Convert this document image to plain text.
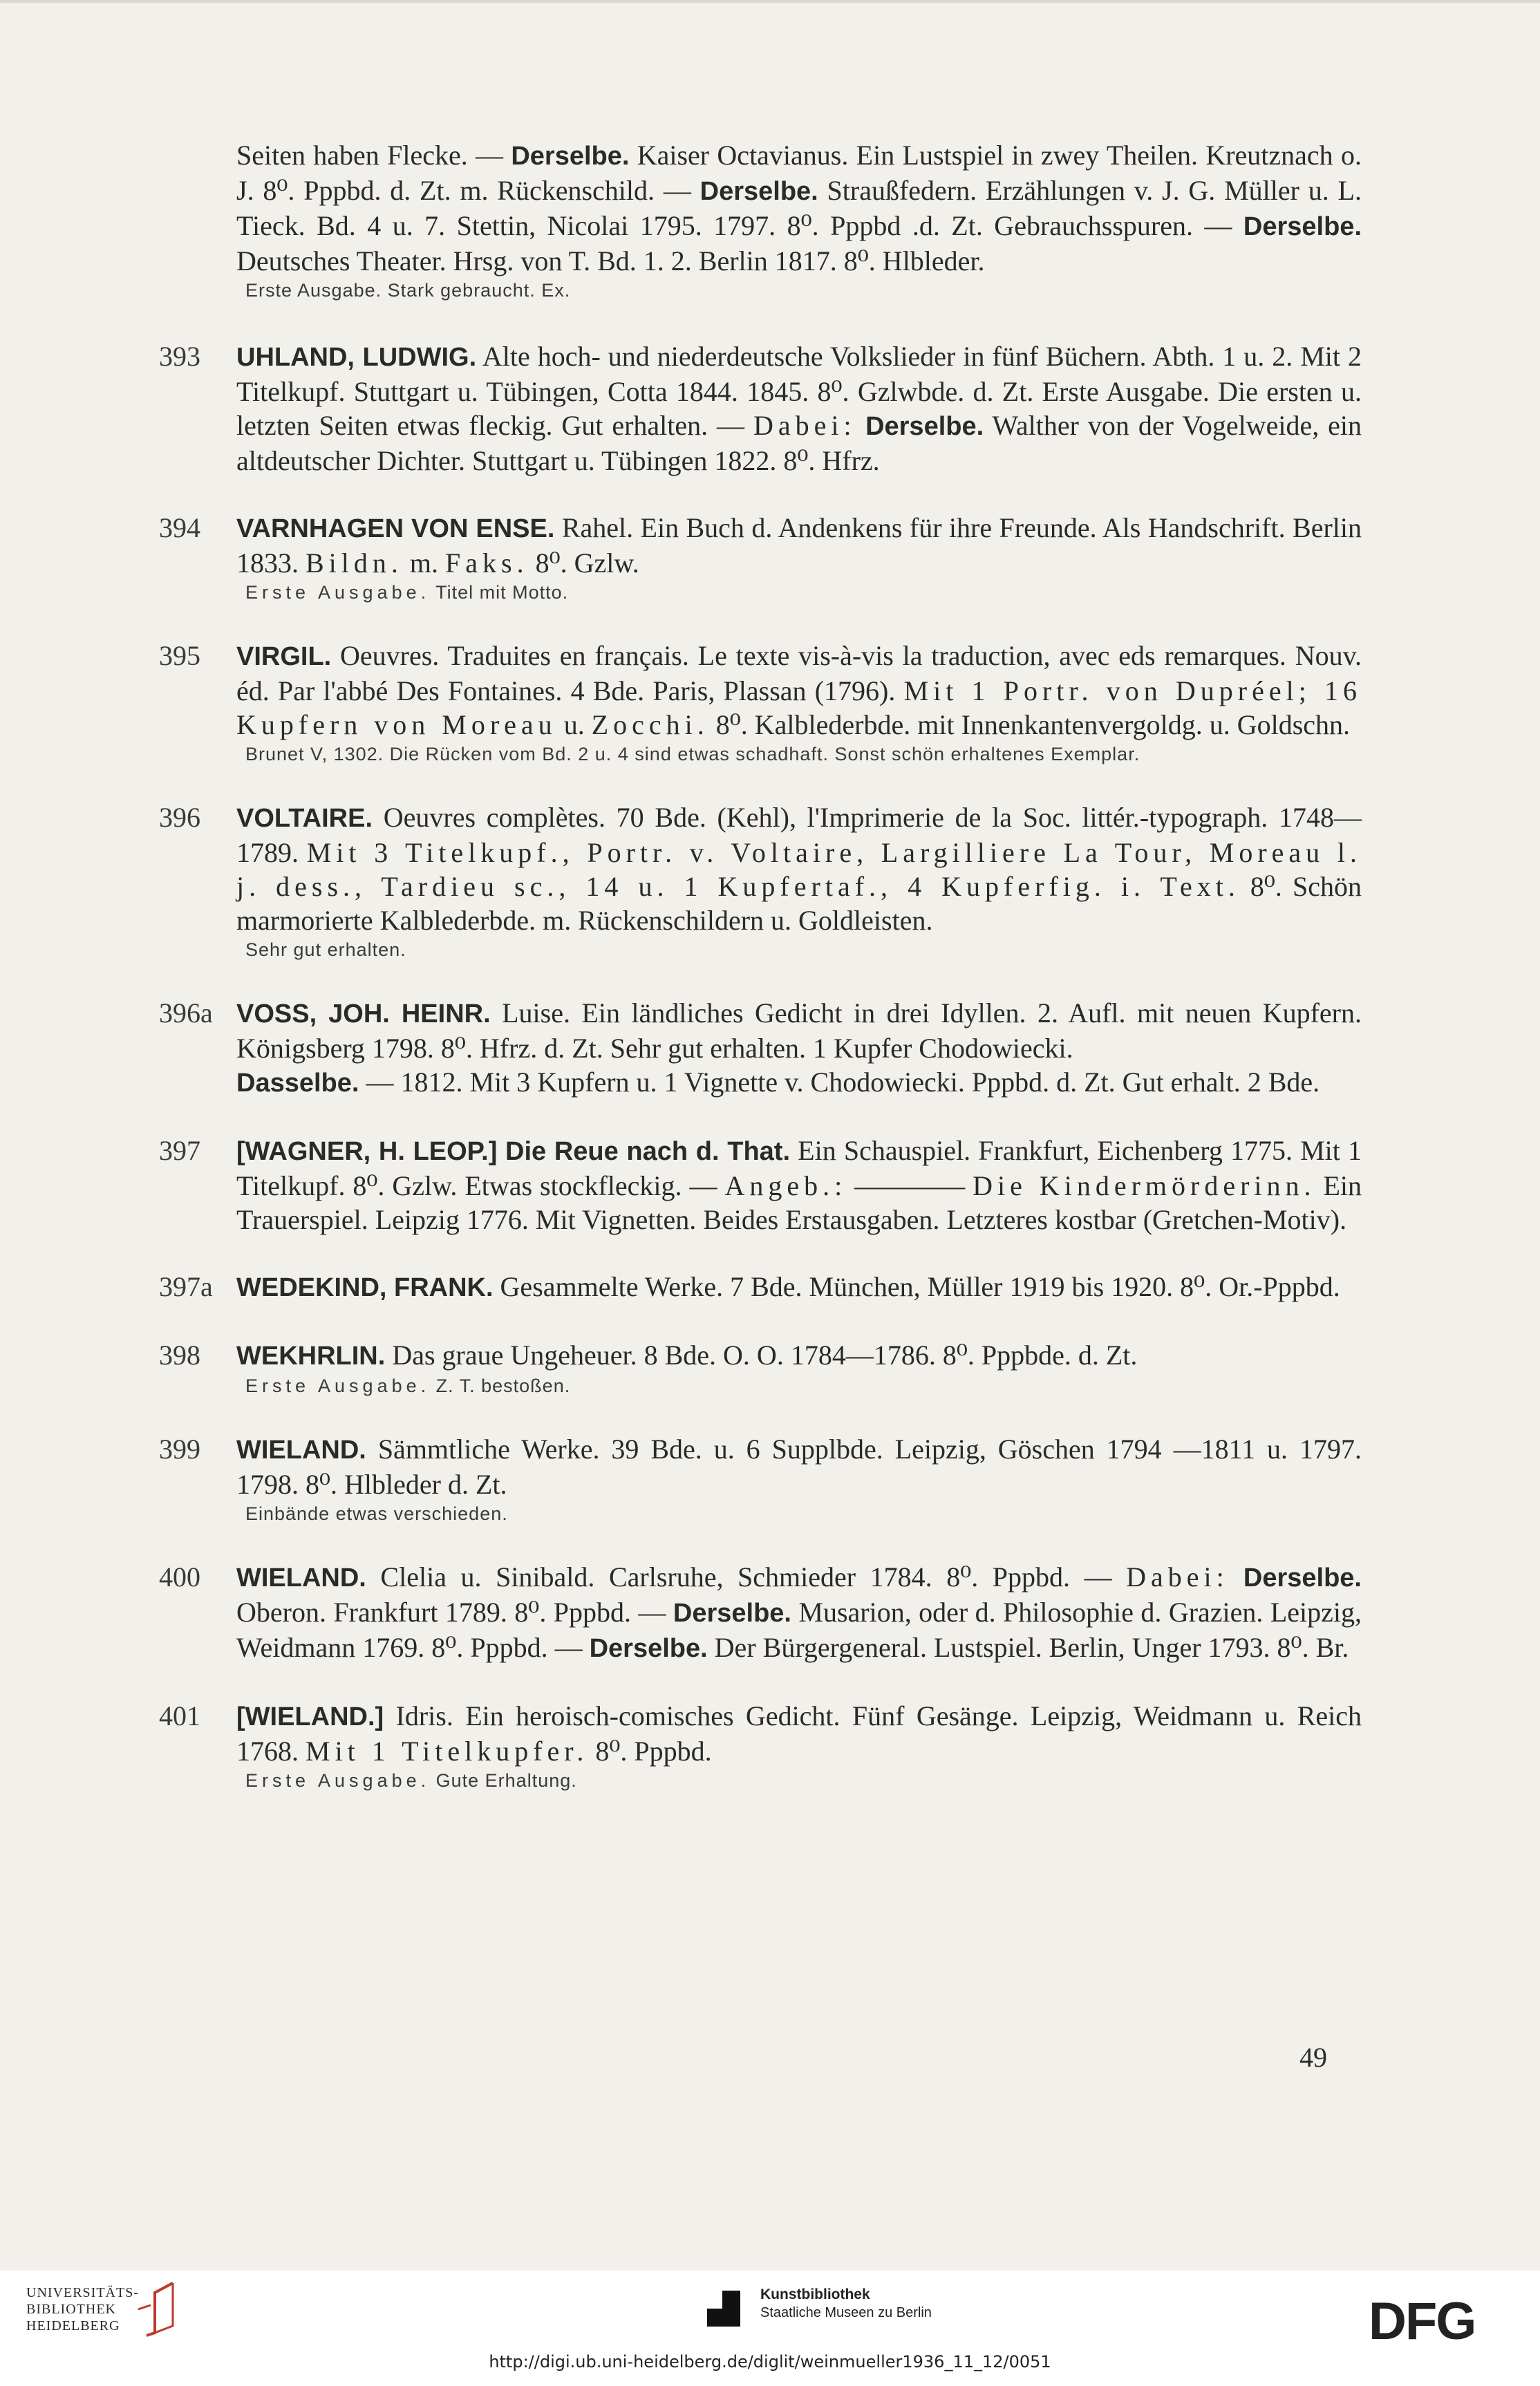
Seiten haben Flecke. — Derselbe. Kaiser Octavianus. Ein Lustspiel in zwey Theilen. Kreutznach o. J. 8⁰. Pppbd. d. Zt. m. Rückenschild. — Derselbe. Straußfedern. Erzählungen v. J. G. Müller u. L. Tieck. Bd. 4 u. 7. Stettin, Nicolai 1795. 1797. 8⁰. Pppbd .d. Zt. Gebrauchsspuren. — Derselbe. Deutsches Theater. Hrsg. von T. Bd. 1. 2. Berlin 1817. 8⁰. Hlbleder.

Erste Ausgabe. Stark gebraucht. Ex.
393	UHLAND, LUDWIG. Alte hoch- und niederdeutsche Volkslieder in fünf Büchern. Abth. 1 u. 2. Mit 2 Titelkupf. Stuttgart u. Tübingen, Cotta 1844. 1845. 8⁰. Gzlwbde. d. Zt. Erste Ausgabe. Die ersten u. letzten Seiten etwas fleckig. Gut erhalten. — Dabei: Derselbe. Walther von der Vogelweide, ein altdeutscher Dichter. Stuttgart u. Tübingen 1822. 8⁰. Hfrz.

394	VARNHAGEN VON ENSE. Rahel. Ein Buch d. Andenkens für ihre Freunde. Als Handschrift. Berlin 1833. Bildn. m. Faks. 8⁰. Gzlw.

Erste Ausgabe. Titel mit Motto.
395	VIRGIL. Oeuvres. Traduites en français. Le texte vis-à-vis la traduction, avec eds remarques. Nouv. éd. Par l'abbé Des Fontaines. 4 Bde. Paris, Plassan (1796). Mit 1 Portr. von Dupréel; 16 Kupfern von Moreau u. Zocchi. 8⁰. Kalblederbde. mit Innenkantenvergoldg. u. Goldschn.

Brunet V, 1302. Die Rücken vom Bd. 2 u. 4 sind etwas schadhaft. Sonst schön erhaltenes Exemplar.
396	VOLTAIRE. Oeuvres complètes. 70 Bde. (Kehl), l'Imprimerie de la Soc. littér.-typograph. 1748—1789. Mit 3 Titelkupf., Portr. v. Voltaire, Largilliere La Tour, Moreau l. j. dess., Tardieu sc., 14 u. 1 Kupfertaf., 4 Kupferfig. i. Text. 8⁰. Schön marmorierte Kalblederbde. m. Rückenschildern u. Goldleisten.

Sehr gut erhalten.
396a VOSS, JOH. HEINR. Luise. Ein ländliches Gedicht in drei Idyllen. 2. Aufl. mit neuen Kupfern. Königsberg 1798. 8⁰. Hfrz. d. Zt. Sehr gut erhalten. 1 Kupfer Chodowiecki.

Dasselbe. — 1812. Mit 3 Kupfern u. 1 Vignette v. Chodowiecki. Pppbd. d. Zt. Gut erhalt. 2 Bde.

397	[WAGNER, H. LEOP.] Die Reue nach d. That. Ein Schauspiel. Frankfurt, Eichenberg 1775. Mit 1 Titelkupf. 8⁰. Gzlw. Etwas stockfleckig. — Angeb.: ———— Die Kindermörderinn. Ein Trauerspiel. Leipzig 1776. Mit Vignetten. Beides Erstausgaben. Letzteres kostbar (Gretchen-Motiv).

397a WEDEKIND, FRANK. Gesammelte Werke. 7 Bde. München, Müller 1919 bis 1920. 8⁰. Or.-Pppbd.

398	WEKHRLIN. Das graue Ungeheuer. 8 Bde. O. O. 1784—1786. 8⁰. Pppbde. d. Zt.

Erste Ausgabe. Z. T. bestoßen.
399	WIELAND. Sämmtliche Werke. 39 Bde. u. 6 Supplbde. Leipzig, Göschen 1794 —1811 u. 1797. 1798. 8⁰. Hlbleder d. Zt.

Einbände etwas verschieden.
400	WIELAND. Clelia u. Sinibald. Carlsruhe, Schmieder 1784. 8⁰. Pppbd. — Dabei: Derselbe. Oberon. Frankfurt 1789. 8⁰. Pppbd. — Derselbe. Musarion, oder d. Philosophie d. Grazien. Leipzig, Weidmann 1769. 8⁰. Pppbd. — Derselbe. Der Bürgergeneral. Lustspiel. Berlin, Unger 1793. 8⁰. Br.

401	[WIELAND.] Idris. Ein heroisch-comisches Gedicht. Fünf Gesänge. Leipzig, Weidmann u. Reich 1768. Mit 1 Titelkupfer. 8⁰. Pppbd.

Erste Ausgabe. Gute Erhaltung.
49
UNIVERSITÄTS-
BIBLIOTHEK
HEIDELBERG
Kunstbibliothek
Staatliche Museen zu Berlin	DFG
http://digi.ub.uni-heidelberg.de/diglit/weinmueller1936_11_12/0051
